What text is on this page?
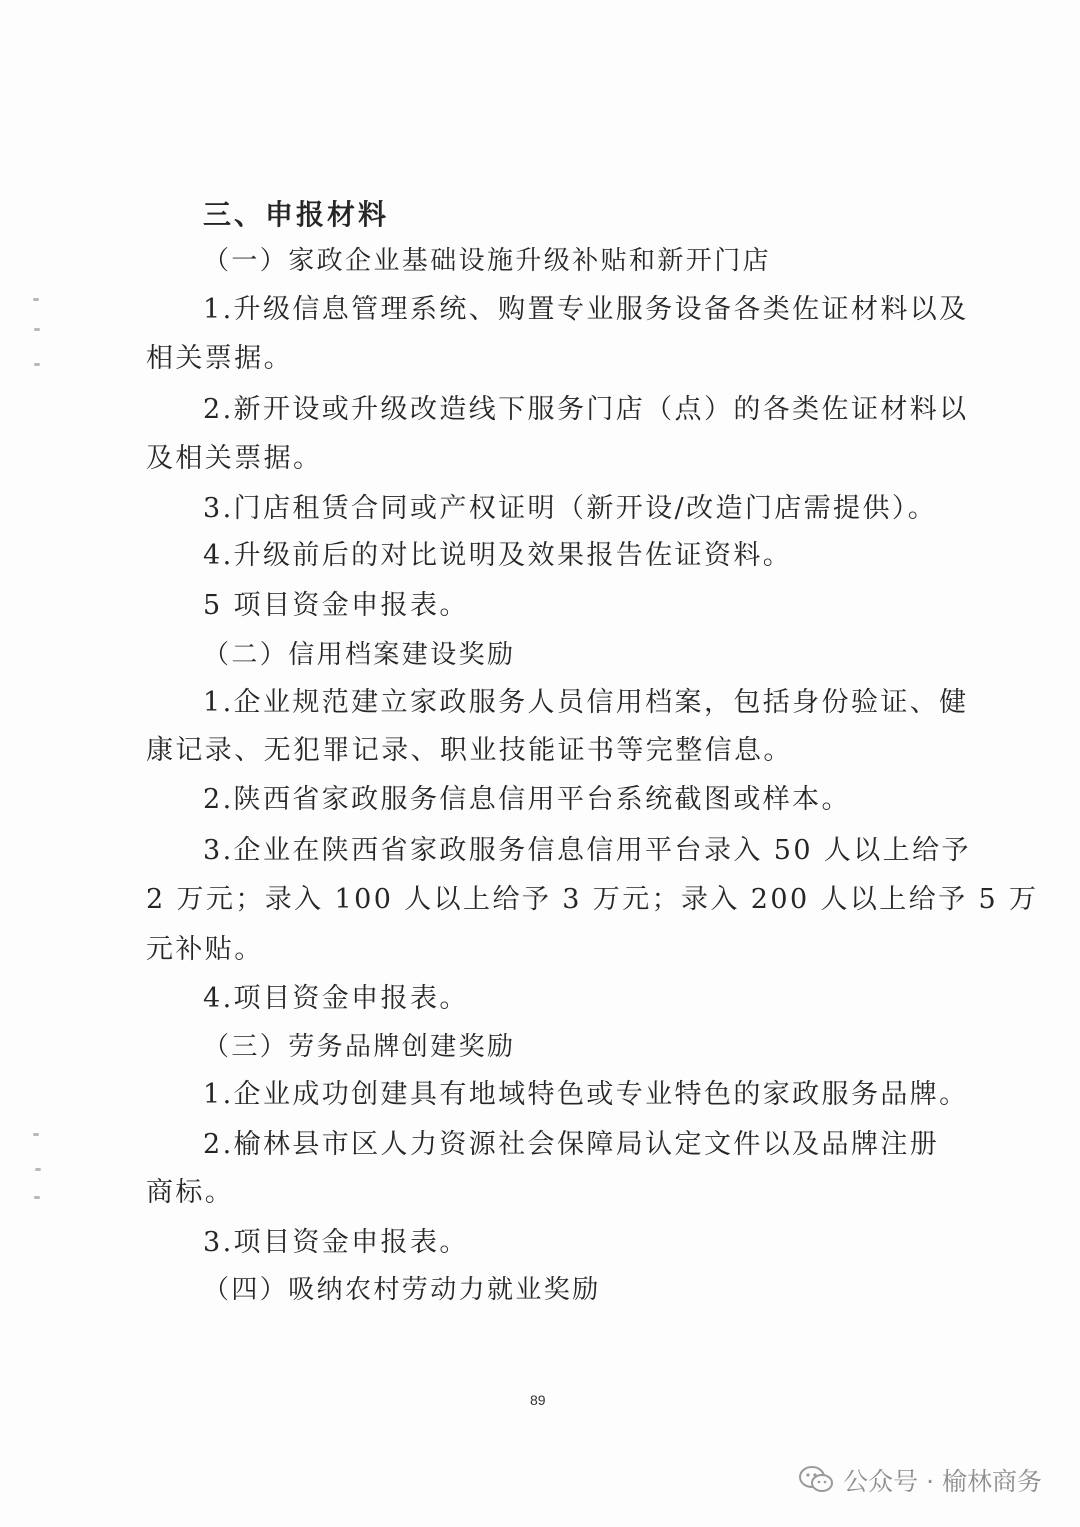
三、申报材料
（一）家政企业基础设施升级补贴和新开门店
1.升级信息管理系统、购置专业服务设备各类佐证材料以及
相关票据。
2.新开设或升级改造线下服务门店（点）的各类佐证材料以
及相关票据。
3.门店租赁合同或产权证明（新开设/改造门店需提供）。
4.升级前后的对比说明及效果报告佐证资料。
5 项目资金申报表。
（二）信用档案建设奖励
1.企业规范建立家政服务人员信用档案，包括身份验证、健
康记录、无犯罪记录、职业技能证书等完整信息。
2.陕西省家政服务信息信用平台系统截图或样本。
3.企业在陕西省家政服务信息信用平台录入 50 人以上给予
2 万元；录入 100 人以上给予 3 万元；录入 200 人以上给予 5 万
元补贴。
4.项目资金申报表。
（三）劳务品牌创建奖励
1.企业成功创建具有地域特色或专业特色的家政服务品牌。
2.榆林县市区人力资源社会保障局认定文件以及品牌注册
商标。
3.项目资金申报表。
（四）吸纳农村劳动力就业奖励
89
公众号 · 榆林商务
